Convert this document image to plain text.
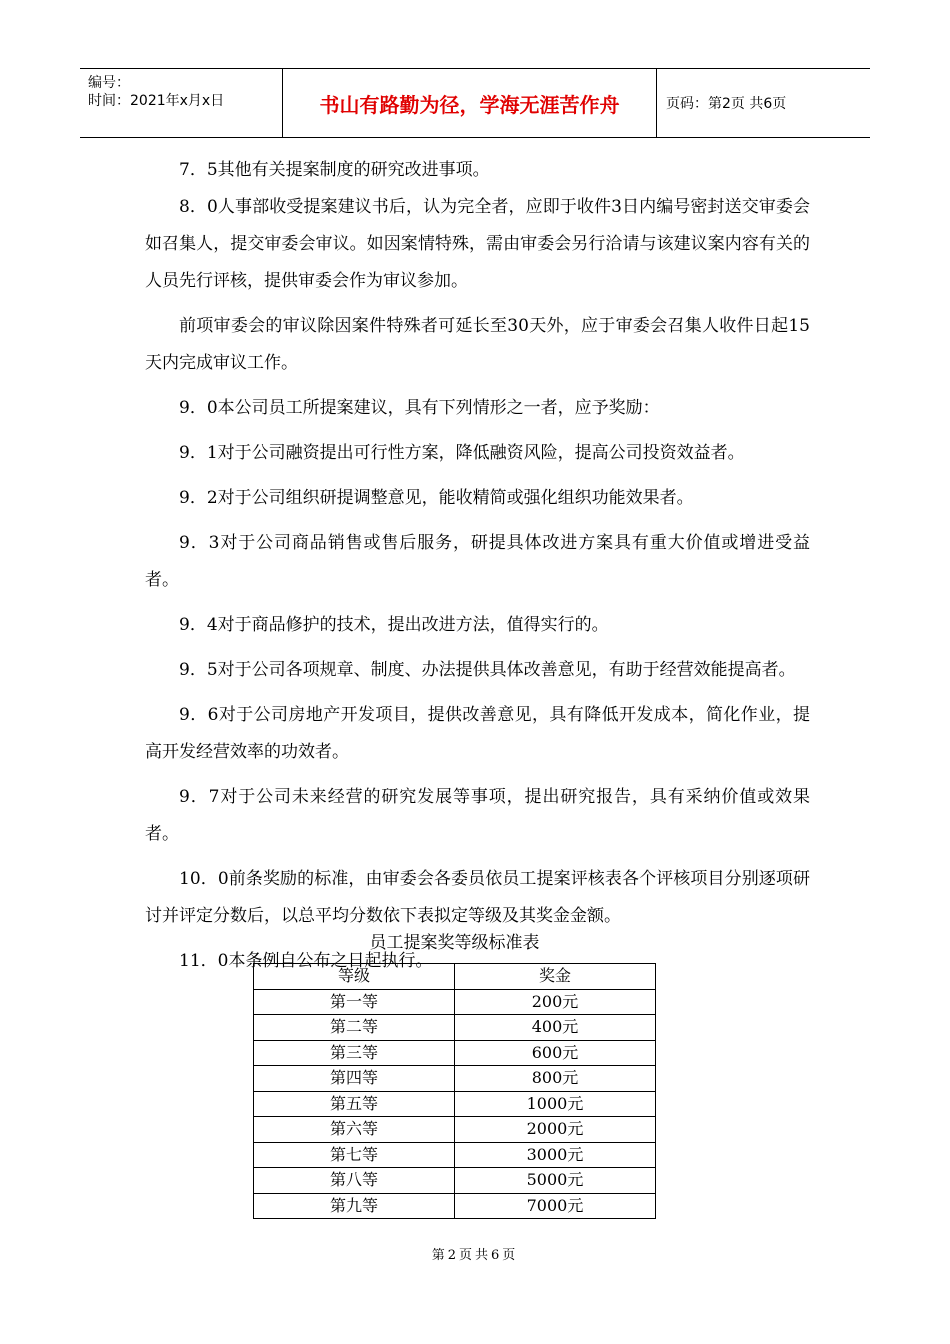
编号：
时间：2021年x月x日	书山有路勤为径，学海无涯苦作舟	页码：第2页 共6页

7．5其他有关提案制度的研究改进事项。

8．0人事部收受提案建议书后，认为完全者，应即于收件3日内编号密封送交审委会如召集人，提交审委会审议。如因案情特殊，需由审委会另行洽请与该建议案内容有关的人员先行评核，提供审委会作为审议参加。

前项审委会的审议除因案件特殊者可延长至30天外，应于审委会召集人收件日起15天内完成审议工作。

9．0本公司员工所提案建议，具有下列情形之一者，应予奖励：

9．1对于公司融资提出可行性方案，降低融资风险，提高公司投资效益者。

9．2对于公司组织研提调整意见，能收精简或强化组织功能效果者。

9．3对于公司商品销售或售后服务，研提具体改进方案具有重大价值或增进受益者。

9．4对于商品修护的技术，提出改进方法，值得实行的。

9．5对于公司各项规章、制度、办法提供具体改善意见，有助于经营效能提高者。

9．6对于公司房地产开发项目，提供改善意见，具有降低开发成本，简化作业，提高开发经营效率的功效者。

9．7对于公司未来经营的研究发展等事项，提出研究报告，具有采纳价值或效果者。

10．0前条奖励的标准，由审委会各委员依员工提案评核表各个评核项目分别逐项研讨并评定分数后，以总平均分数依下表拟定等级及其奖金金额。

11．0本条例自公布之日起执行。

员工提案奖等级标准表
等级	奖金
第一等	200元
第二等	400元
第三等	600元
第四等	800元
第五等	1000元
第六等	2000元
第七等	3000元
第八等	5000元
第九等	7000元
第2页共6页
